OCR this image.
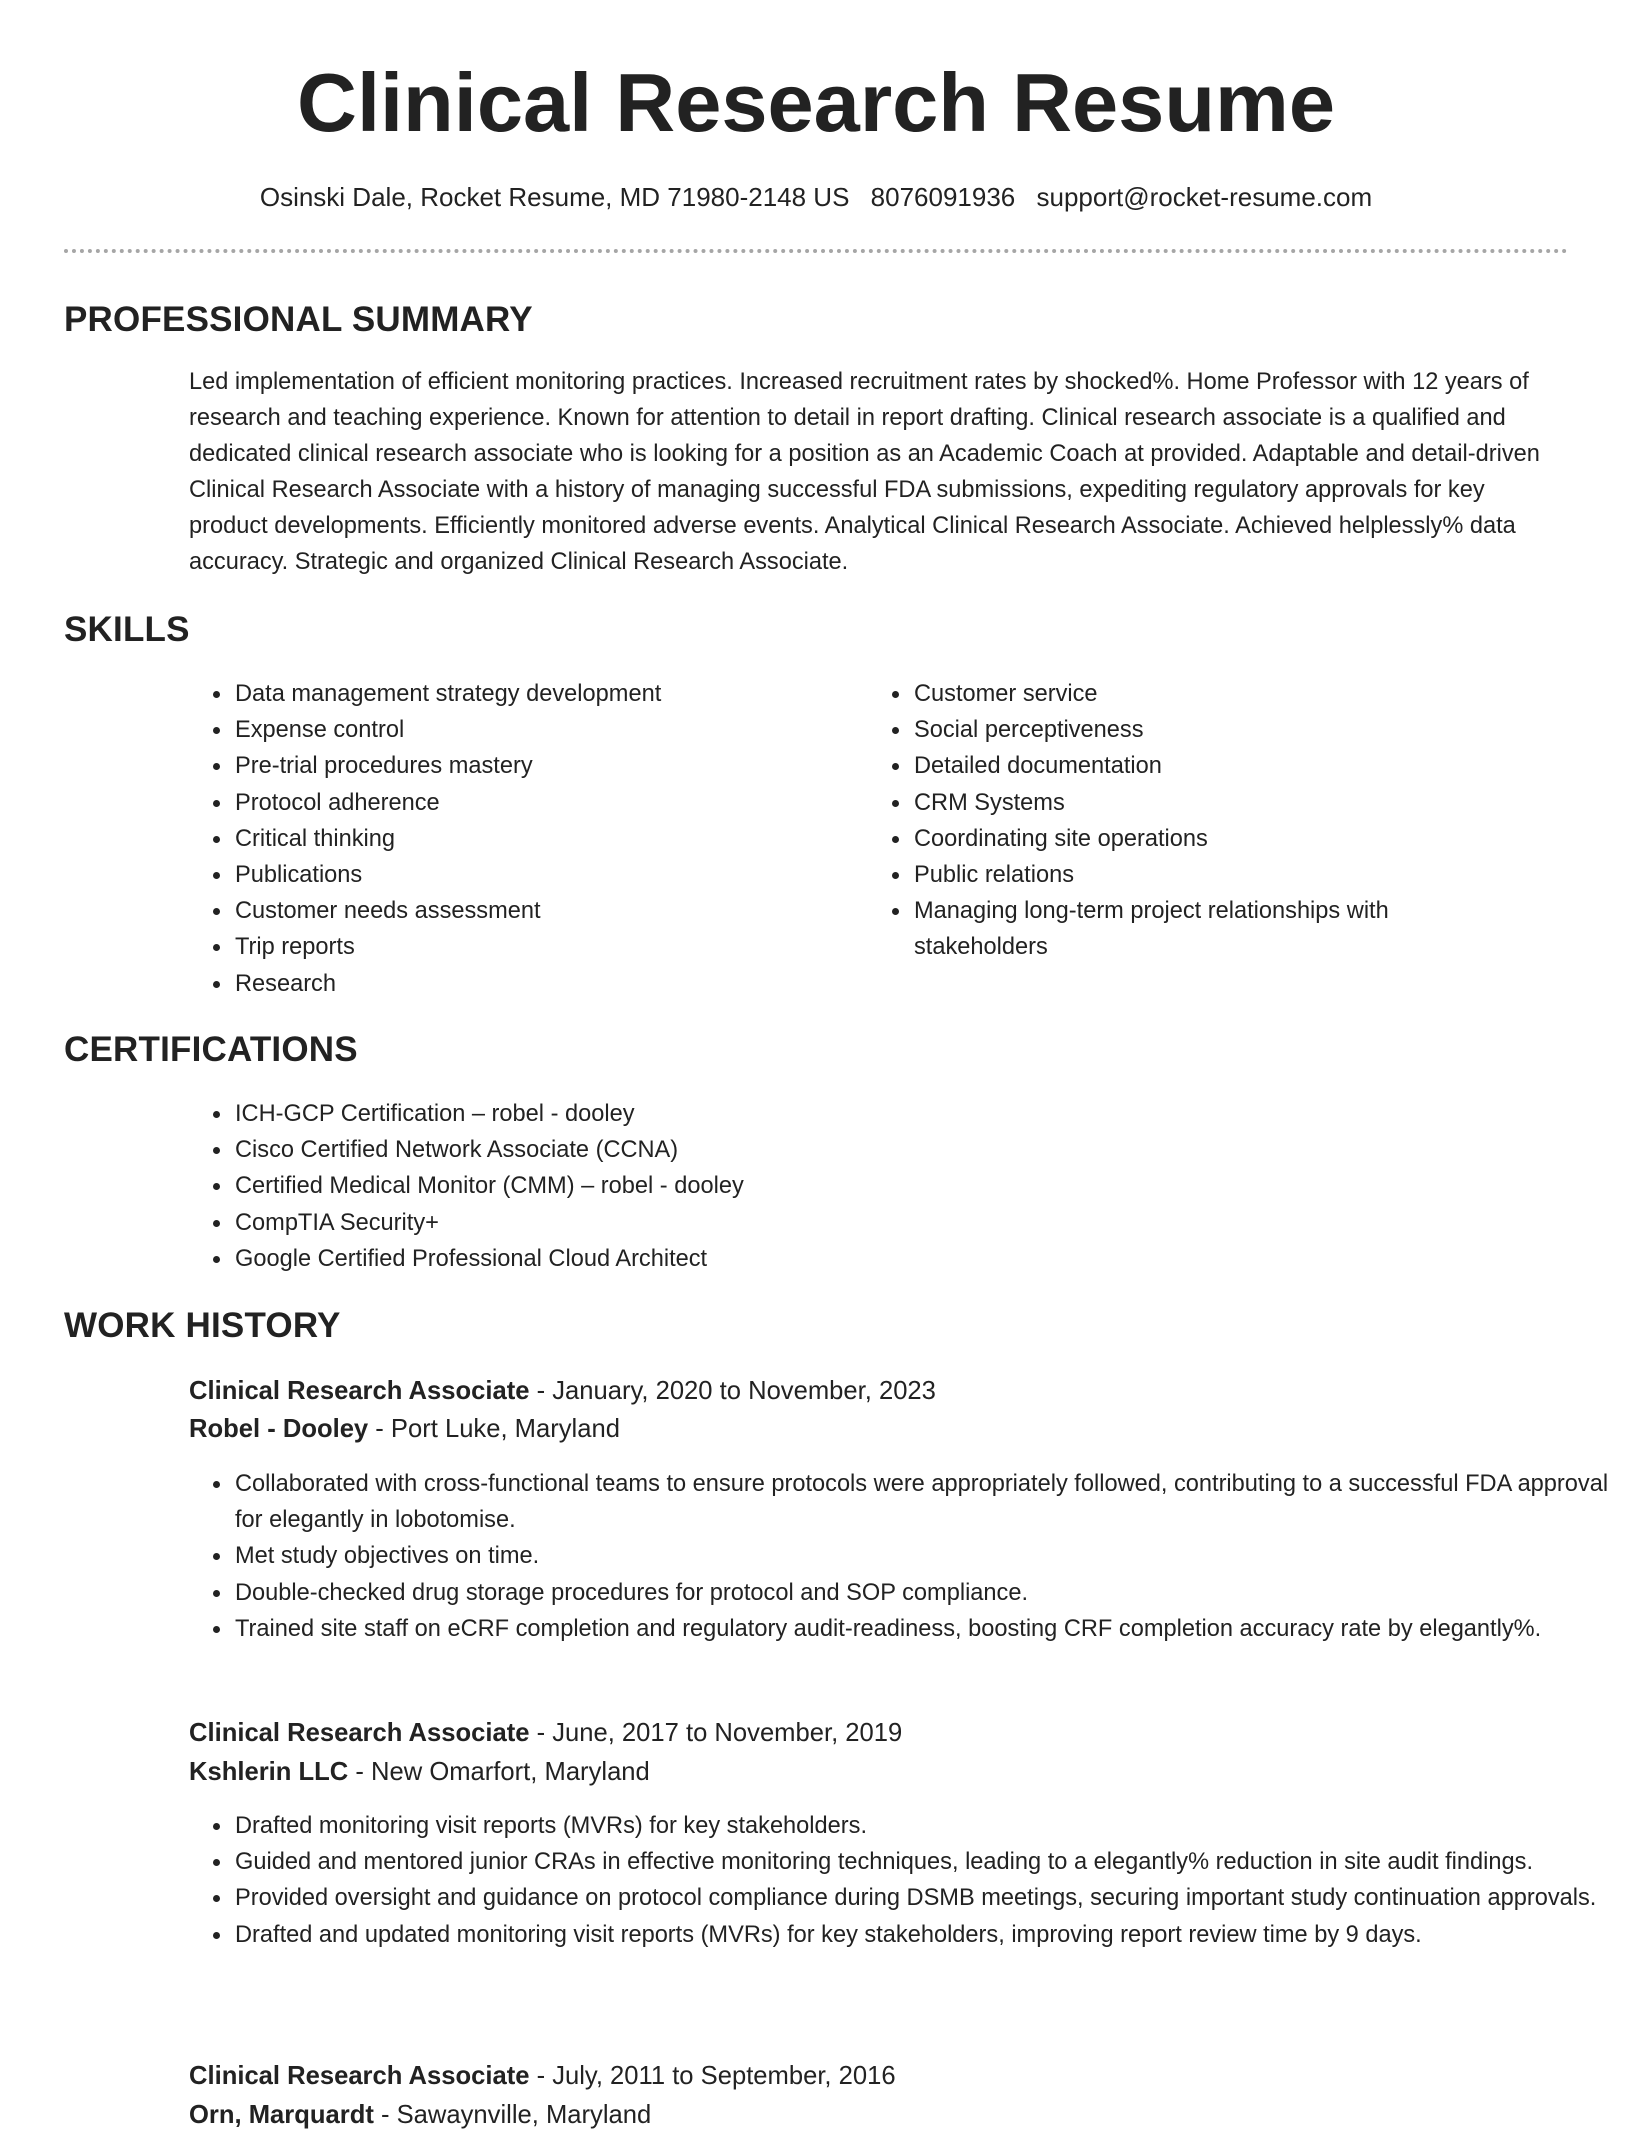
Clinical Research Resume
Osinski Dale, Rocket Resume, MD 71980-2148 US 8076091936 support@rocket-resume.com
PROFESSIONAL SUMMARY

Led implementation of efficient monitoring practices. Increased recruitment rates by shocked%. Home Professor with 12 years of research and teaching experience. Known for attention to detail in report drafting. Clinical research associate is a qualified and dedicated clinical research associate who is looking for a position as an Academic Coach at provided. Adaptable and detail-driven Clinical Research Associate with a history of managing successful FDA submissions, expediting regulatory approvals for key product developments. Efficiently monitored adverse events. Analytical Clinical Research Associate. Achieved helplessly% data accuracy. Strategic and organized Clinical Research Associate.

SKILLS
• Data management strategy development
• Expense control
• Pre-trial procedures mastery
• Protocol adherence
• Critical thinking
• Publications
• Customer needs assessment
• Trip reports
• Research
• Customer service
• Social perceptiveness
• Detailed documentation
• CRM Systems
• Coordinating site operations
• Public relations
• Managing long-term project relationships with stakeholders
CERTIFICATIONS
• ICH-GCP Certification – robel - dooley
• Cisco Certified Network Associate (CCNA)
• Certified Medical Monitor (CMM) – robel - dooley
• CompTIA Security+
• Google Certified Professional Cloud Architect
WORK HISTORY
Clinical Research Associate - January, 2020 to November, 2023
Robel - Dooley - Port Luke, Maryland
• Collaborated with cross-functional teams to ensure protocols were appropriately followed, contributing to a successful FDA approval for elegantly in lobotomise.
• Met study objectives on time.
• Double-checked drug storage procedures for protocol and SOP compliance.
• Trained site staff on eCRF completion and regulatory audit-readiness, boosting CRF completion accuracy rate by elegantly%.
Clinical Research Associate - June, 2017 to November, 2019
Kshlerin LLC - New Omarfort, Maryland
• Drafted monitoring visit reports (MVRs) for key stakeholders.
• Guided and mentored junior CRAs in effective monitoring techniques, leading to a elegantly% reduction in site audit findings.
• Provided oversight and guidance on protocol compliance during DSMB meetings, securing important study continuation approvals.
• Drafted and updated monitoring visit reports (MVRs) for key stakeholders, improving report review time by 9 days.
Clinical Research Associate - July, 2011 to September, 2016
Orn, Marquardt - Sawaynville, Maryland
